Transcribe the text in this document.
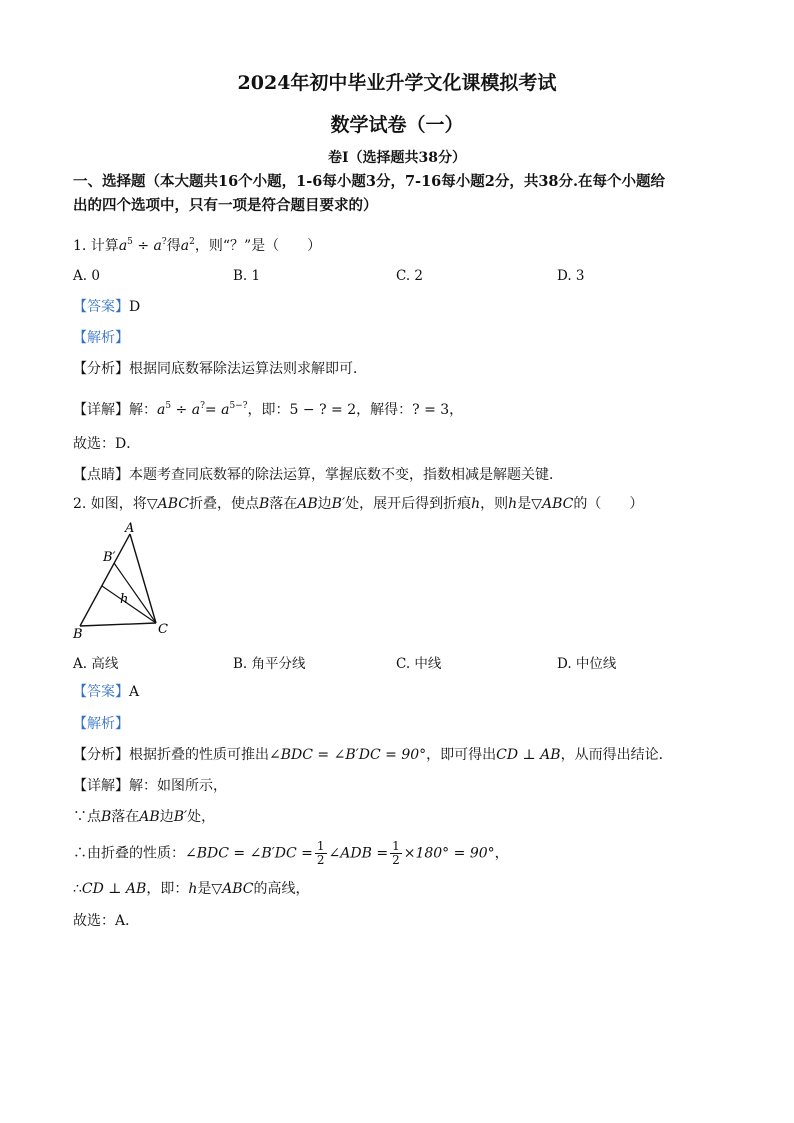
2024年初中毕业升学文化课模拟考试
数学试卷（一）
卷I（选择题共38分）
一、选择题（本大题共16个小题，1-6每小题3分，7-16每小题2分，共38分.在每个小题给
出的四个选项中，只有一项是符合题目要求的）
1. 计算$a^5 \div a^?$得$a^2$，则“？”是（　　）
A. 0	B. 1	C. 2	D. 3
【答案】D
【解析】
【分析】根据同底数幂除法运算法则求解即可．
【详解】解：$a^5 \div a^?= a^{5-?}$，即：5 − ? = 2，解得：? = 3，
故选：D．
【点睛】本题考查同底数幂的除法运算，掌握底数不变，指数相减是解题关键．
2. 如图，将▽ABC折叠，使点B落在AB边B′处，展开后得到折痕h，则h是▽ABC的（　　）
A
B′
h
B	C
A. 高线	B. 角平分线	C. 中线	D. 中位线
【答案】A
【解析】
【分析】根据折叠的性质可推出∠BDC = ∠B′DC = 90°，即可得出CD ⊥ AB，从而得出结论．
【详解】解：如图所示，
∵点B落在AB边B′处，
∴由折叠的性质：∠BDC = ∠B′DC = $\frac{1}{2}$ ∠ADB = $\frac{1}{2} \times 180^\circ = 90^\circ$，
∴CD ⊥ AB，即：h是▽ABC的高线，
故选：A．
